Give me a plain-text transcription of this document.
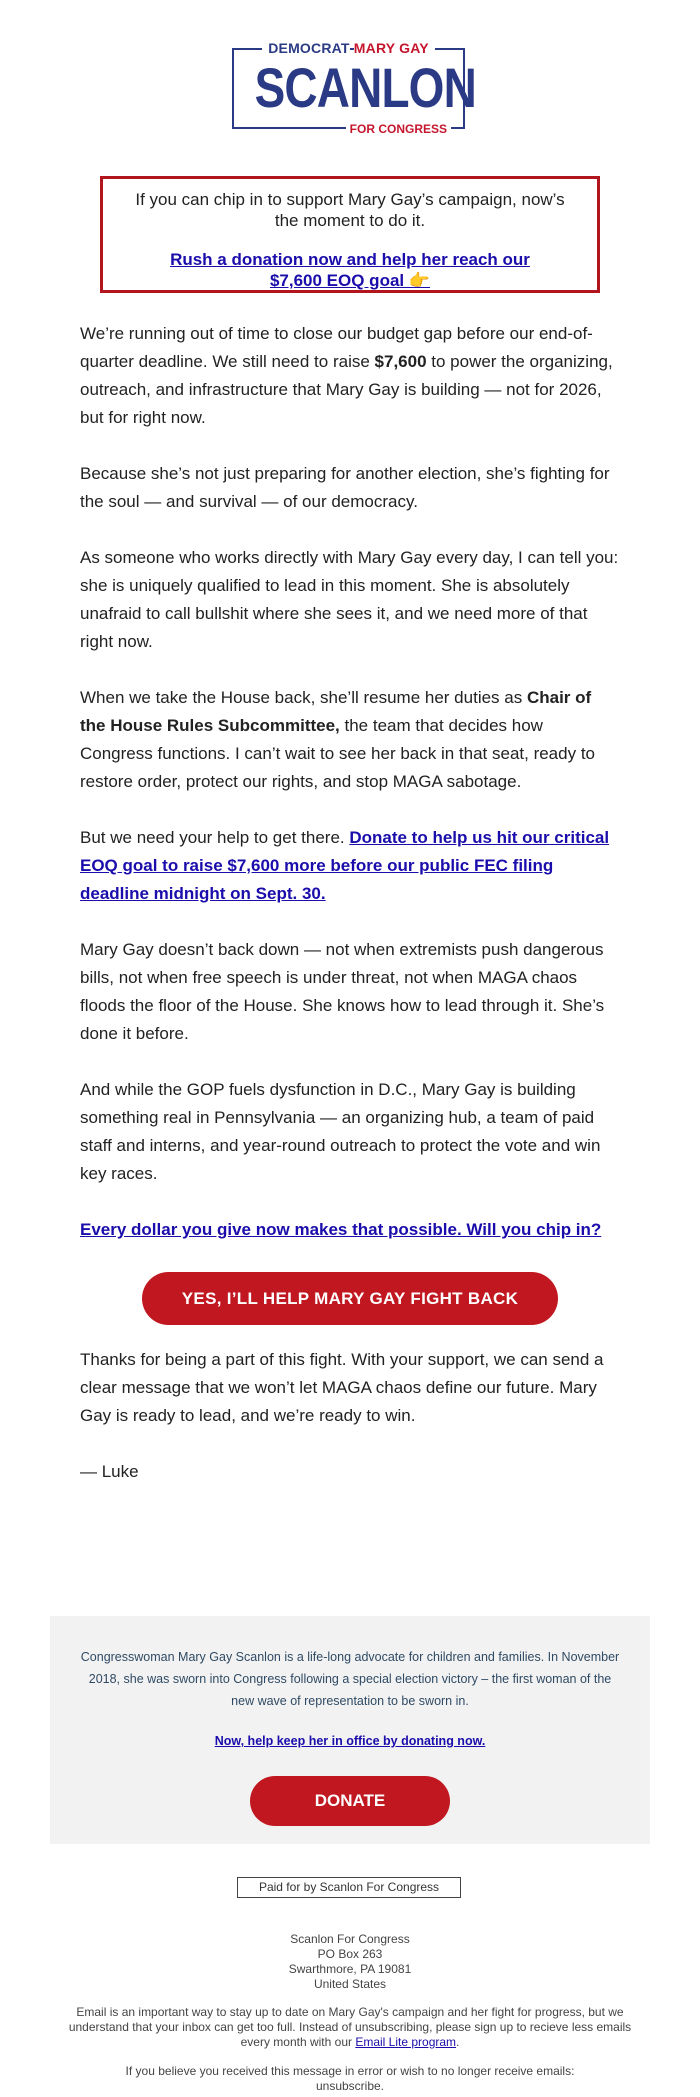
DEMOCRAT MARY GAY
SCANLON
FOR CONGRESS
If you can chip in to support Mary Gay’s campaign, now’s the moment to do it.
Rush a donation now and help her reach our $7,600 EOQ goal 👉

We’re running out of time to close our budget gap before our end-of-quarter deadline. We still need to raise $7,600 to power the organizing, outreach, and infrastructure that Mary Gay is building — not for 2026, but for right now.

Because she’s not just preparing for another election, she’s fighting for the soul — and survival — of our democracy.

As someone who works directly with Mary Gay every day, I can tell you: she is uniquely qualified to lead in this moment. She is absolutely unafraid to call bullshit where she sees it, and we need more of that right now.

When we take the House back, she’ll resume her duties as Chair of the House Rules Subcommittee, the team that decides how Congress functions. I can’t wait to see her back in that seat, ready to restore order, protect our rights, and stop MAGA sabotage.

But we need your help to get there. Donate to help us hit our critical EOQ goal to raise $7,600 more before our public FEC filing deadline midnight on Sept. 30.

Mary Gay doesn’t back down — not when extremists push dangerous bills, not when free speech is under threat, not when MAGA chaos floods the floor of the House. She knows how to lead through it. She’s done it before.

And while the GOP fuels dysfunction in D.C., Mary Gay is building something real in Pennsylvania — an organizing hub, a team of paid staff and interns, and year-round outreach to protect the vote and win key races.

Every dollar you give now makes that possible. Will you chip in?

YES, I’LL HELP MARY GAY FIGHT BACK

Thanks for being a part of this fight. With your support, we can send a clear message that we won’t let MAGA chaos define our future. Mary Gay is ready to lead, and we’re ready to win.

— Luke

Congresswoman Mary Gay Scanlon is a life-long advocate for children and families. In November 2018, she was sworn into Congress following a special election victory – the first woman of the new wave of representation to be sworn in.
Now, help keep her in office by donating now.
DONATE
Paid for by Scanlon For Congress
Scanlon For Congress
PO Box 263
Swarthmore, PA 19081
United States
Email is an important way to stay up to date on Mary Gay's campaign and her fight for progress, but we understand that your inbox can get too full. Instead of unsubscribing, please sign up to recieve less emails every month with our Email Lite program.
If you believe you received this message in error or wish to no longer receive emails:
unsubscribe.
